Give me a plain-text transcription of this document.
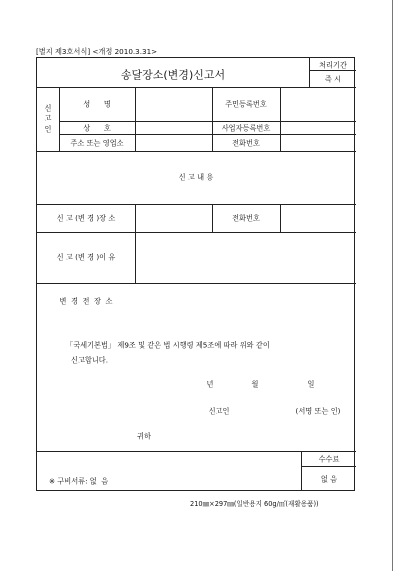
[별지 제3호서식] <개정 2010.3.31>
송달장소(변경)신고서
처리기간
즉 시
신
고
인
성      명	주민등록번호
상      호	사업자등록번호
주소 또는 영업소	전화번호
신 고 내 용
신 고 (변 경 )장 소	전화번호
신 고 (변 경 )이 유
변  경  전  장  소
「국세기본법」 제9조 및 같은 법 시행령 제5조에 따라 위와 같이
신고합니다.
년	월	일
신고인	(서명 또는 인)
귀하
※ 구비서류: 없  음
수수료
없 음
210㎜×297㎜(일반용지 60g/㎡(재활용품))
